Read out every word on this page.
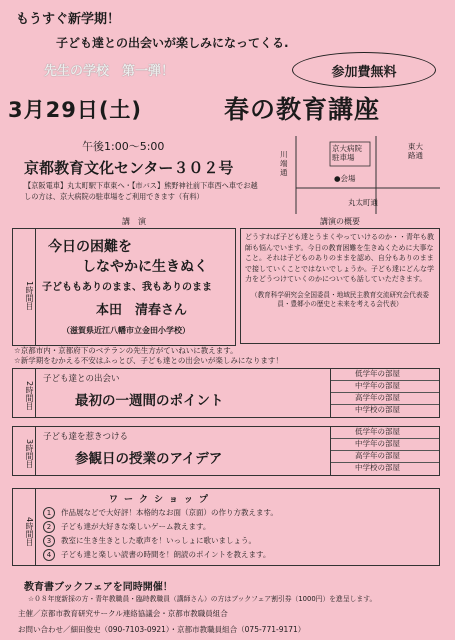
もうすぐ新学期！
子ども達との出会いが楽しみになってくる.
先生の学校　第一弾！	参加費無料
3月29日(土)	春の教育講座
午後1:00～5:00
京都教育文化センター３０２号
【京阪電車】丸太町駅下車東へ・【市バス】熊野神社前下車西へ車でお越しの方は、京大病院の駐車場をご利用できます（有料）
川端通
東大路通
京大病院駐車場
●会場
丸太町通
講　演	講演の概要
1時間目
今日の困難を
しなやかに生きぬく
子どももありのまま、我もありのまま
本田　清春さん
（滋賀県近江八幡市立金田小学校）
どうすれば子ども達とうまくやっていけるのか・・青年も教師も悩んでいます。今日の教育困難を生きぬくために大事なこと。それは子どものありのままを認め、自分もありのままで接していくことではないでしょうか。子ども達にどんな学力をどうつけていくのかについても話していただきます。
（教育科学研究会全国委員・地域民主教育交流研究会代表委員・豊郷小の歴史と未来を考える会代表）
☆京都市内・京都府下のベテランの先生方がていねいに教えます。
☆新学期をむかえる不安はふっとび、子ども達との出会いが楽しみになります！
2時間目
子ども達との出会い
最初の一週間のポイント
低学年の部屋
中学年の部屋
高学年の部屋
中学校の部屋
3時間目
子ども達を惹きつける
参観日の授業のアイデア
低学年の部屋
中学年の部屋
高学年の部屋
中学校の部屋
4時間目
ワークショップ
1 作品展などで大好評！本格的なお面（京面）の作り方教えます。
2 子ども達が大好きな楽しいゲーム教えます。
3 教室に生き生きとした歌声を！いっしょに歌いましょう。
4 子ども達と楽しい読書の時間を！朗読のポイントを教えます。
教育書ブックフェアを同時開催！
☆０８年度新採の方・青年教職員・臨時教職員（講師さん）の方はブックフェア割引券（1000円）を進呈します。
主催／京都市教育研究サークル連絡協議会・京都市教職員組合
お問い合わせ／細田俊史（090-7103-0921）・京都市教職員組合（075-771-9171）
